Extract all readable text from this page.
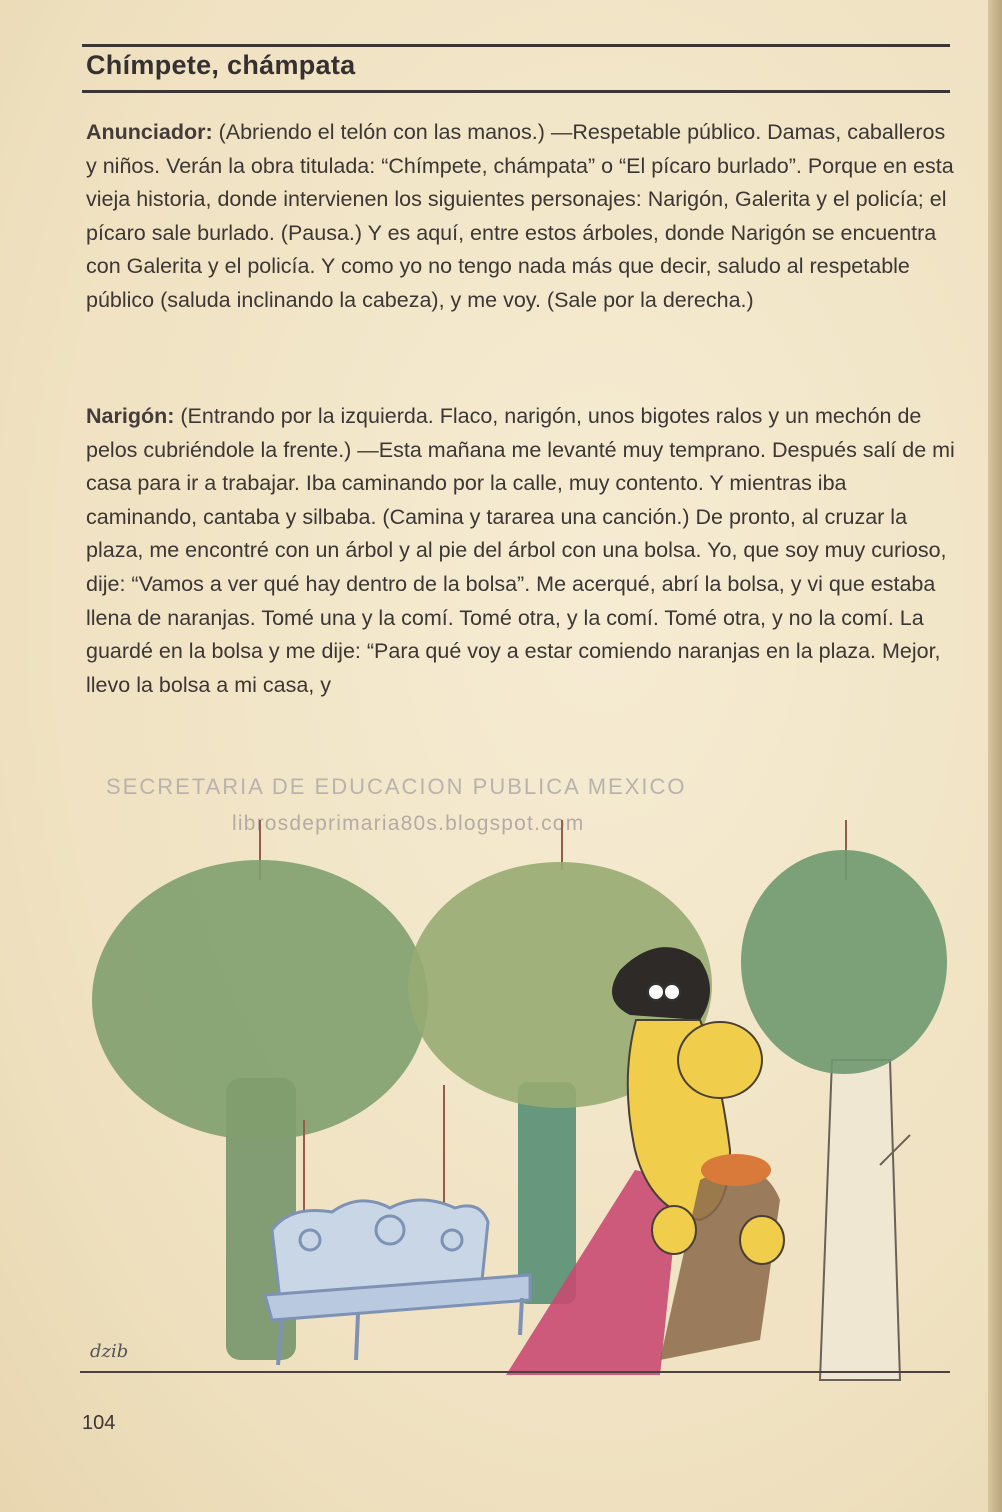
Chímpete, chámpata
Anunciador: (Abriendo el telón con las manos.) —Respetable público. Damas, caballeros y niños. Verán la obra titulada: “Chímpete, chámpata” o “El pícaro burlado”. Porque en esta vieja historia, donde intervienen los siguientes personajes: Narigón, Galerita y el policía; el pícaro sale burlado. (Pausa.) Y es aquí, entre estos árboles, donde Narigón se encuentra con Galerita y el policía. Y como yo no tengo nada más que decir, saludo al respetable público (saluda inclinando la cabeza), y me voy. (Sale por la derecha.)
Narigón: (Entrando por la izquierda. Flaco, narigón, unos bigotes ralos y un mechón de pelos cubriéndole la frente.) —Esta mañana me levanté muy temprano. Después salí de mi casa para ir a trabajar. Iba caminando por la calle, muy contento. Y mientras iba caminando, cantaba y silbaba. (Camina y tararea una canción.) De pronto, al cruzar la plaza, me encontré con un árbol y al pie del árbol con una bolsa. Yo, que soy muy curioso, dije: “Vamos a ver qué hay dentro de la bolsa”. Me acerqué, abrí la bolsa, y vi que estaba llena de naranjas. Tomé una y la comí. Tomé otra, y la comí. Tomé otra, y no la comí. La guardé en la bolsa y me dije: “Para qué voy a estar comiendo naranjas en la plaza. Mejor, llevo la bolsa a mi casa, y
SECRETARIA DE EDUCACION PUBLICA MEXICO
librosdeprimaria80s.blogspot.com
dzib
104
